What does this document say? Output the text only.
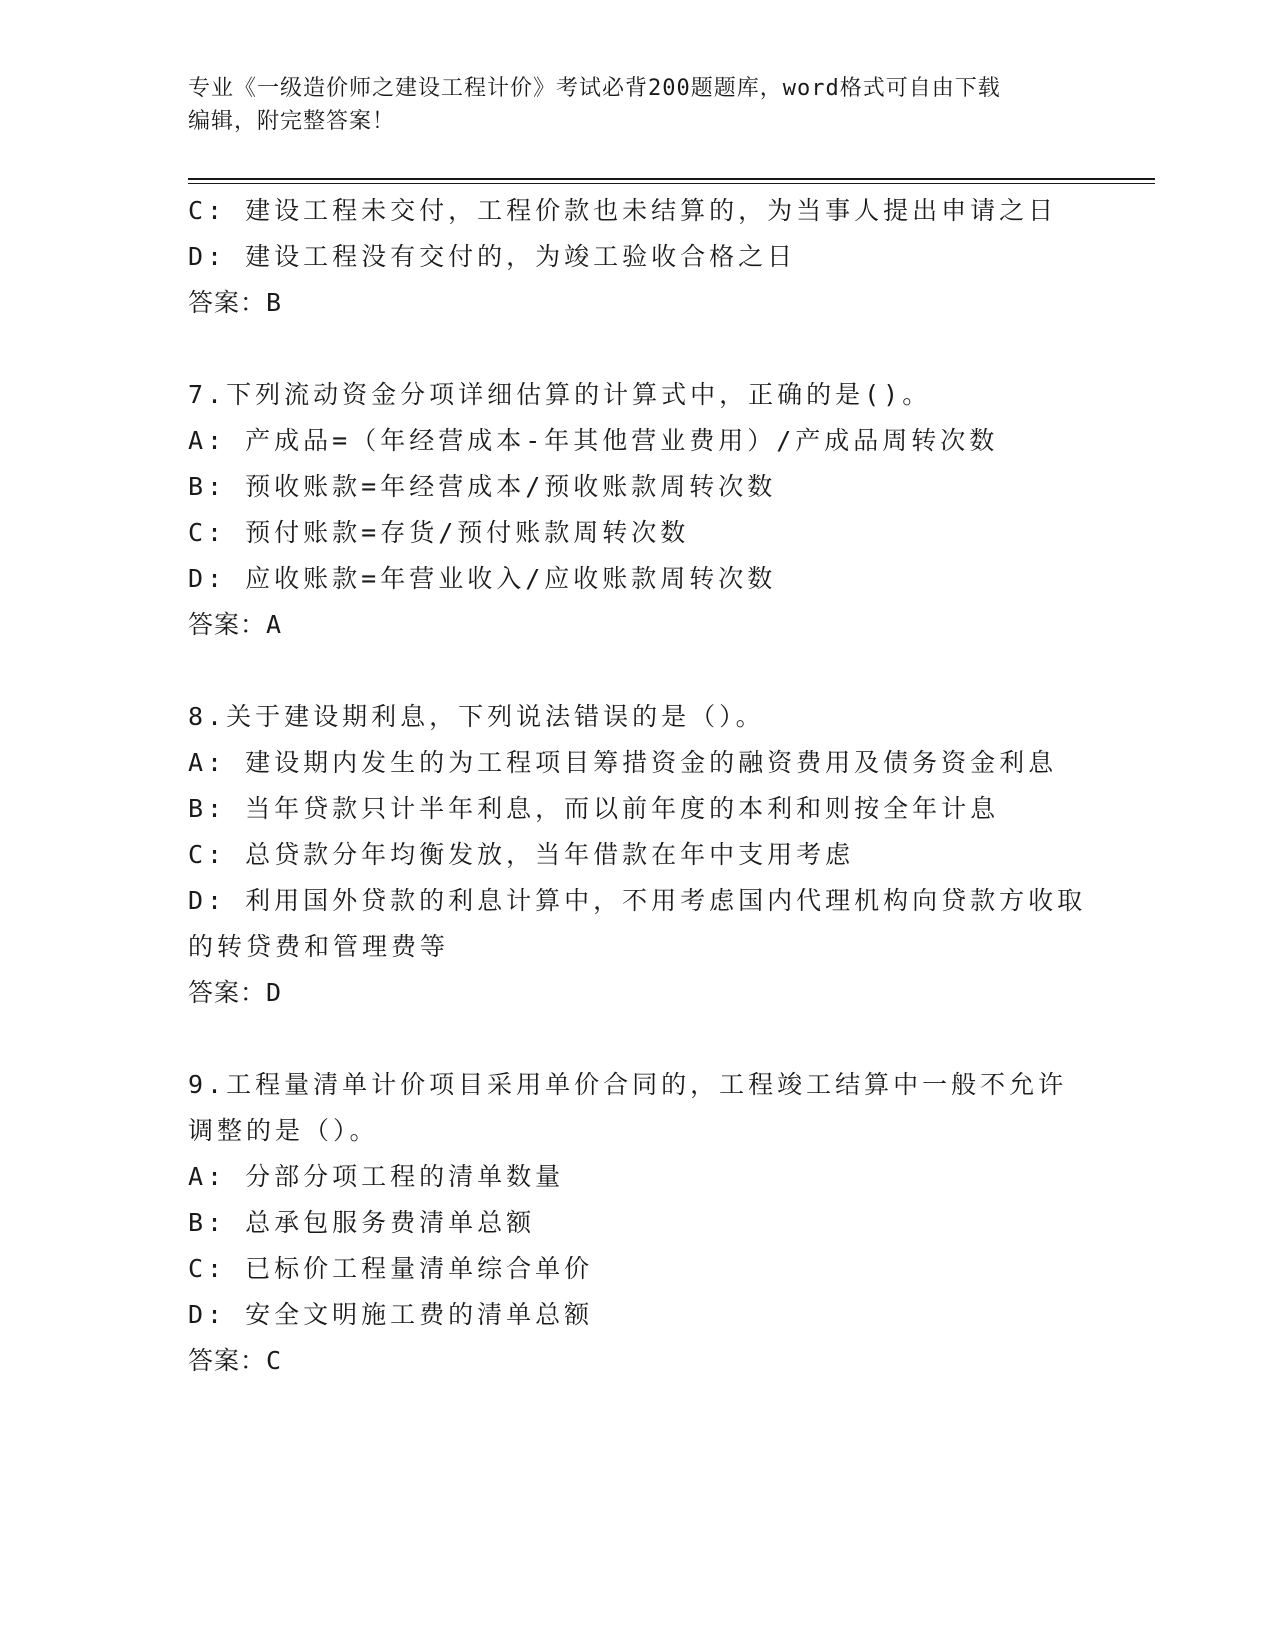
专业《一级造价师之建设工程计价》考试必背200题题库，word格式可自由下载
编辑，附完整答案！
C: 建设工程未交付，工程价款也未结算的，为当事人提出申请之日
D: 建设工程没有交付的，为竣工验收合格之日
答案：B
7.下列流动资金分项详细估算的计算式中，正确的是()。
A: 产成品=（年经营成本-年其他营业费用）/产成品周转次数
B: 预收账款=年经营成本/预收账款周转次数
C: 预付账款=存货/预付账款周转次数
D: 应收账款=年营业收入/应收账款周转次数
答案：A
8.关于建设期利息，下列说法错误的是（）。
A: 建设期内发生的为工程项目筹措资金的融资费用及债务资金利息
B: 当年贷款只计半年利息，而以前年度的本利和则按全年计息
C: 总贷款分年均衡发放，当年借款在年中支用考虑
D: 利用国外贷款的利息计算中，不用考虑国内代理机构向贷款方收取
的转贷费和管理费等
答案：D
9.工程量清单计价项目采用单价合同的，工程竣工结算中一般不允许
调整的是（）。
A: 分部分项工程的清单数量
B: 总承包服务费清单总额
C: 已标价工程量清单综合单价
D: 安全文明施工费的清单总额
答案：C
